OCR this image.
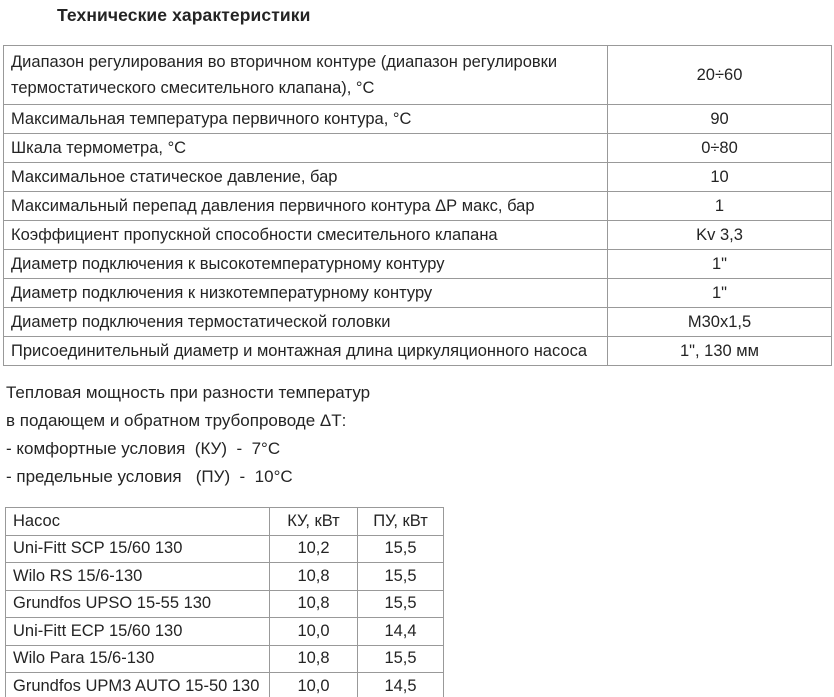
Технические характеристики
Диапазон регулирования во вторичном контуре (диапазон регулировки термостатического смесительного клапана), °С	20÷60
Максимальная температура первичного контура, °С	90
Шкала термометра, °С	0÷80
Максимальное статическое давление, бар	10
Максимальный перепад давления первичного контура ΔР макс, бар	1
Коэффициент пропускной способности смесительного клапана	Kv 3,3
Диаметр подключения к высокотемпературному контуру	1"
Диаметр подключения к низкотемпературному контуру	1"
Диаметр подключения термостатической головки	M30x1,5
Присоединительный диаметр и монтажная длина циркуляционного насоса	1", 130 мм

Тепловая мощность при разности температур

в подающем и обратном трубопроводе ΔТ:

- комфортные условия  (КУ)  -  7°С

- предельные условия   (ПУ)  -  10°С

Насос	КУ, кВт	ПУ, кВт
Uni-Fitt SCP 15/60 130	10,2	15,5
Wilo RS 15/6-130	10,8	15,5
Grundfos UPSO 15-55 130	10,8	15,5
Uni-Fitt ECP 15/60 130	10,0	14,4
Wilo Para 15/6-130	10,8	15,5
Grundfos UPM3 AUTO 15-50 130	10,0	14,5
